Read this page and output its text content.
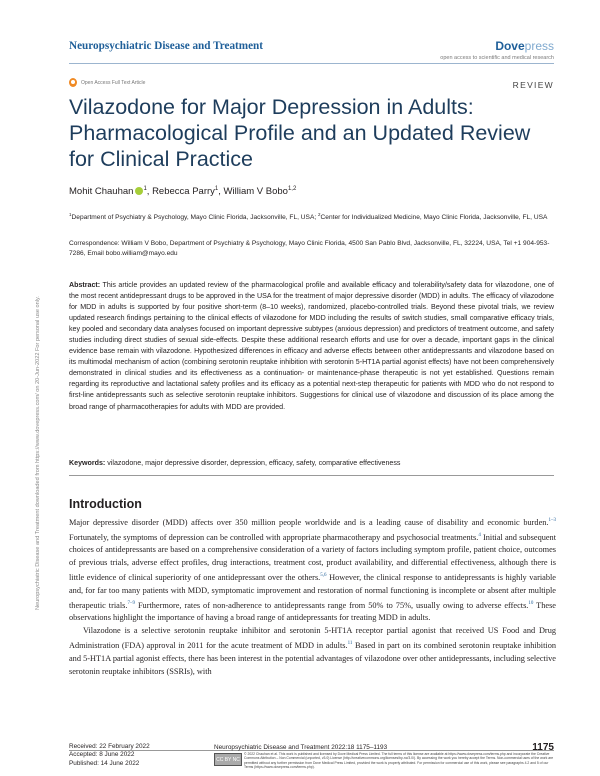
Neuropsychiatric Disease and Treatment	Dovepress
open access to scientific and medical research
Open Access Full Text Article	REVIEW
Vilazodone for Major Depression in Adults: Pharmacological Profile and an Updated Review for Clinical Practice
Mohit Chauhan $^1$, Rebecca Parry$^1$, William V Bobo$^{1,2}$
$^1$Department of Psychiatry & Psychology, Mayo Clinic Florida, Jacksonville, FL, USA; $^2$Center for Individualized Medicine, Mayo Clinic Florida, Jacksonville, FL, USA
Correspondence: William V Bobo, Department of Psychiatry & Psychology, Mayo Clinic Florida, 4500 San Pablo Blvd, Jacksonville, FL, 32224, USA, Tel +1 904-953-7286, Email bobo.william@mayo.edu
Abstract: This article provides an updated review of the pharmacological profile and available efficacy and tolerability/safety data for vilazodone, one of the most recent antidepressant drugs to be approved in the USA for the treatment of major depressive disorder (MDD) in adults. The efficacy of vilazodone for MDD in adults is supported by four positive short-term (8–10 weeks), randomized, placebo-controlled trials. Beyond these pivotal trials, we review updated research findings pertaining to the clinical effects of vilazodone for MDD including the results of switch studies, small comparative efficacy trials, key pooled and secondary data analyses focused on important depressive subtypes (anxious depression) and predictors of treatment outcome, and safety studies including direct studies of sexual side-effects. Despite these additional research efforts and use for over a decade, important gaps in the clinical evidence base remain with vilazodone. Hypothesized differences in efficacy and adverse effects between other antidepressants and vilazodone based on its multimodal mechanism of action (combining serotonin reuptake inhibition with serotonin 5-HT1A partial agonist effects) have not been comprehensively demonstrated in clinical studies and its effectiveness as a continuation- or maintenance-phase therapeutic is not yet established. Questions remain regarding its reproductive and lactational safety profiles and its efficacy as a potential next-step therapeutic for patients with MDD who do not respond to first-line antidepressants such as selective serotonin reuptake inhibitors. Suggestions for clinical use of vilazodone and discussion of its place among the broad range of pharmacotherapies for adults with MDD are provided.
Keywords: vilazodone, major depressive disorder, depression, efficacy, safety, comparative effectiveness
Introduction

Major depressive disorder (MDD) affects over 350 million people worldwide and is a leading cause of disability and economic burden.$^{1-3}$ Fortunately, the symptoms of depression can be controlled with appropriate pharmacotherapy and psychosocial treatments.$^4$ Initial and subsequent choices of antidepressants are based on a comprehensive consideration of a variety of factors including symptom profile, patient choice, outcomes of previous trials, adverse effect profiles, drug interactions, treatment cost, product availability, and differential effectiveness, although there is little evidence of clinical superiority of one antidepressant over the others.$^{5,6}$ However, the clinical response to antidepressants is highly variable and, for far too many patients with MDD, symptomatic improvement and restoration of normal functioning is incomplete or absent after multiple therapeutic trials.$^{7-9}$ Furthermore, rates of non-adherence to antidepressants range from 50% to 75%, usually owing to adverse effects.$^{10}$ These observations highlight the importance of having a broad range of antidepressants for treating MDD in adults.

Vilazodone is a selective serotonin reuptake inhibitor and serotonin 5-HT1A receptor partial agonist that received US Food and Drug Administration (FDA) approval in 2011 for the acute treatment of MDD in adults.$^{11}$ Based in part on its combined serotonin reuptake inhibition and 5-HT1A partial agonist effects, there has been interest in the potential advantages of vilazodone over other antidepressants, including selective serotonin reuptake inhibitors (SSRIs), with

Neuropsychiatric Disease and Treatment downloaded from https://www.dovepress.com/ on 20-Jun-2022 For personal use only.
Received: 22 February 2022
Accepted: 8 June 2022
Published: 14 June 2022
Neuropsychiatric Disease and Treatment 2022:18 1175–1193	1175
CC BY NC
© 2022 Chauhan et al. This work is published and licensed by Dove Medical Press Limited. The full terms of this license are available at https://www.dovepress.com/terms.php and incorporate the Creative Commons Attribution – Non Commercial (unported, v3.0) License (http://creativecommons.org/licenses/by-nc/3.0/). By accessing the work you hereby accept the Terms. Non-commercial uses of the work are permitted without any further permission from Dove Medical Press Limited, provided the work is properly attributed. For permission for commercial use of this work, please see paragraphs 4.2 and 5 of our Terms (https://www.dovepress.com/terms.php).
